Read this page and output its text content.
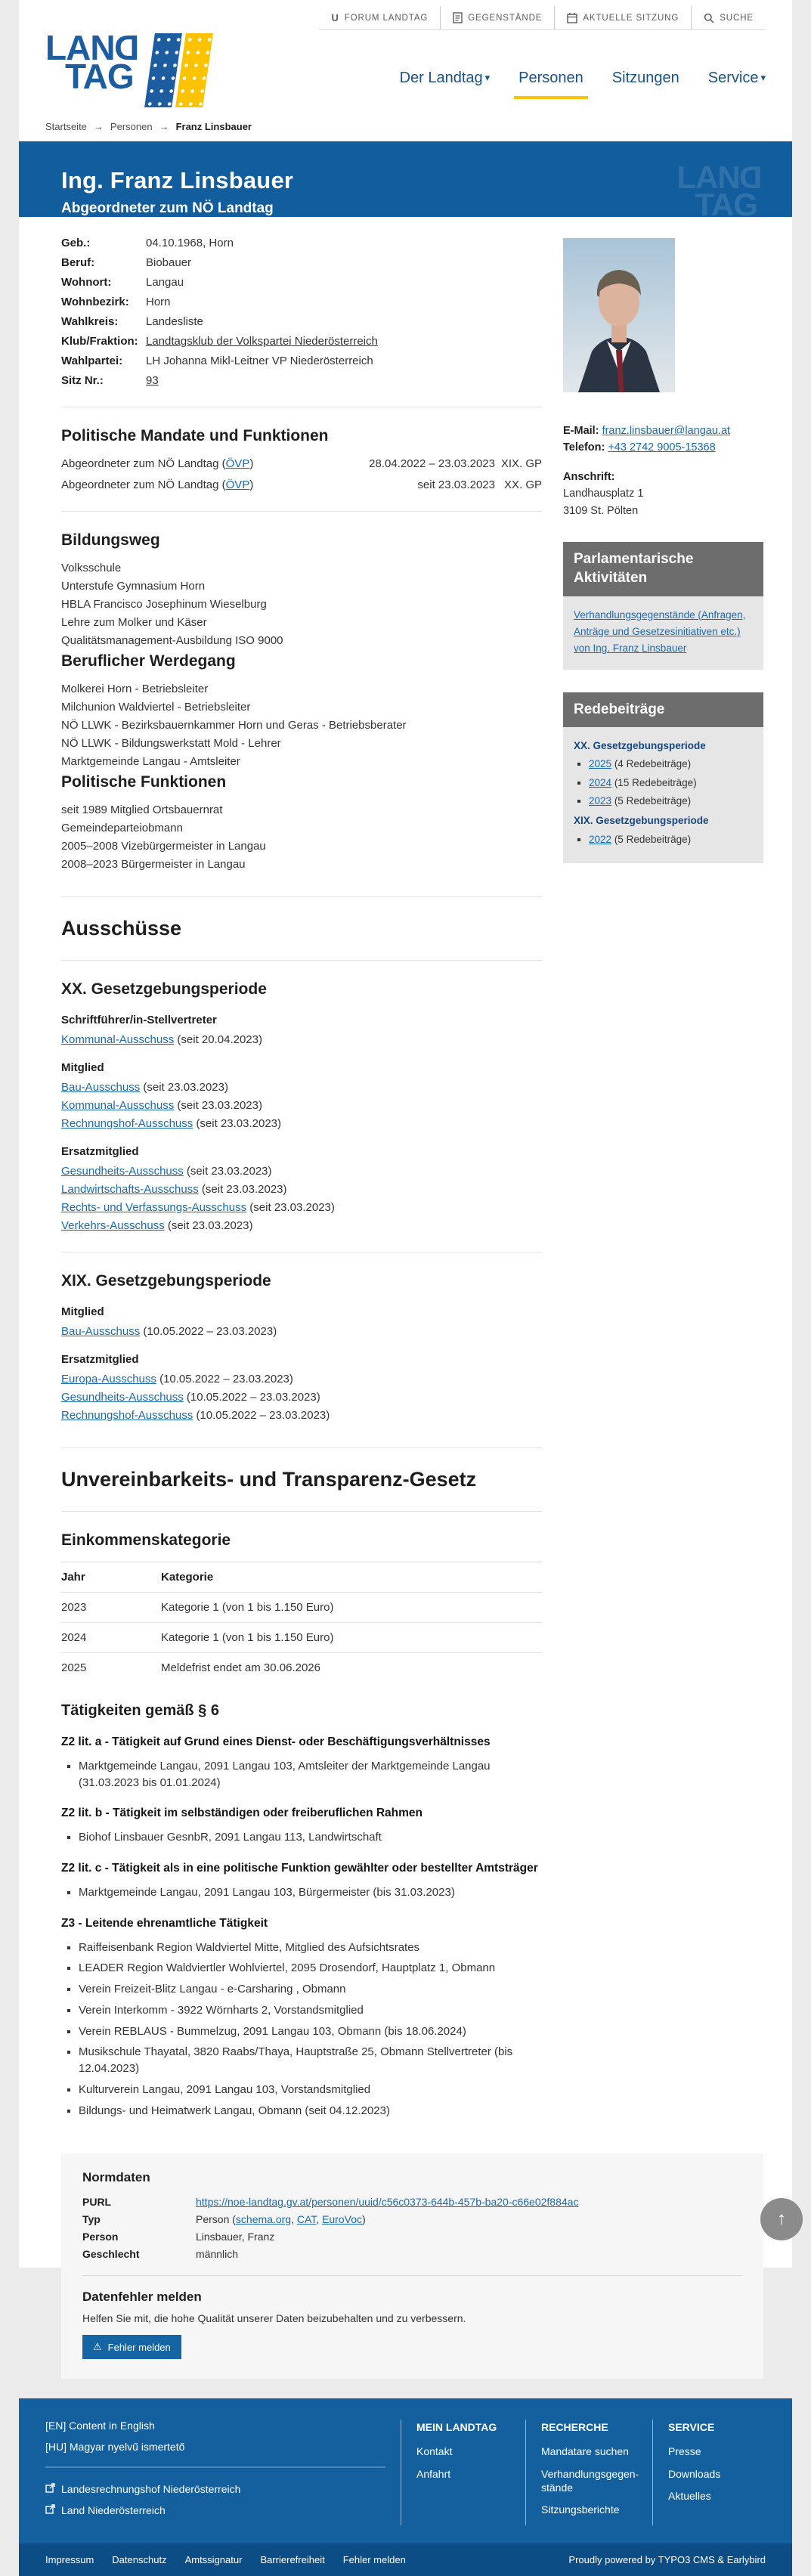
U FORUM LANDTAG	GEGENSTÄNDE	AKTUELLE SITZUNG	SUCHE
LAND
TAG	Der Landtag ▾ Personen Sitzungen Service ▾
Startseite → Personen → Franz Linsbauer
Ing. Franz Linsbauer
Abgeordneter zum NÖ Landtag
LAND
TAG
Geb.:	04.10.1968, Horn
Beruf:	Biobauer
Wohnort:	Langau
Wohnbezirk:	Horn
Wahlkreis:	Landesliste
Klub/Fraktion: Landtagsklub der Volkspartei Niederösterreich
Wahlpartei:	LH Johanna Mikl-Leitner VP Niederösterreich
Sitz Nr.:	93
Politische Mandate und Funktionen
Abgeordneter zum NÖ Landtag (ÖVP)	28.04.2022 – 23.03.2023 XIX. GP
Abgeordneter zum NÖ Landtag (ÖVP)	seit 23.03.2023 XX. GP
Bildungsweg

Volksschule

Unterstufe Gymnasium Horn

HBLA Francisco Josephinum Wieselburg

Lehre zum Molker und Käser

Qualitätsmanagement-Ausbildung ISO 9000

Beruflicher Werdegang

Molkerei Horn - Betriebsleiter

Milchunion Waldviertel - Betriebsleiter

NÖ LLWK - Bezirksbauernkammer Horn und Geras - Betriebsberater

NÖ LLWK - Bildungswerkstatt Mold - Lehrer

Marktgemeinde Langau - Amtsleiter

Politische Funktionen

seit 1989 Mitglied Ortsbauernrat

Gemeindeparteiobmann

2005–2008 Vizebürgermeister in Langau

2008–2023 Bürgermeister in Langau

Ausschüsse
XX. Gesetzgebungsperiode
Schriftführer/in-Stellvertreter

Kommunal-Ausschuss (seit 20.04.2023)

Mitglied

Bau-Ausschuss (seit 23.03.2023)

Kommunal-Ausschuss (seit 23.03.2023)

Rechnungshof-Ausschuss (seit 23.03.2023)

Ersatzmitglied

Gesundheits-Ausschuss (seit 23.03.2023)

Landwirtschafts-Ausschuss (seit 23.03.2023)

Rechts- und Verfassungs-Ausschuss (seit 23.03.2023)

Verkehrs-Ausschuss (seit 23.03.2023)

XIX. Gesetzgebungsperiode
Mitglied

Bau-Ausschuss (10.05.2022 – 23.03.2023)

Ersatzmitglied

Europa-Ausschuss (10.05.2022 – 23.03.2023)

Gesundheits-Ausschuss (10.05.2022 – 23.03.2023)

Rechnungshof-Ausschuss (10.05.2022 – 23.03.2023)

Unvereinbarkeits- und Transparenz-Gesetz
Einkommenskategorie
Jahr	Kategorie
2023	Kategorie 1 (von 1 bis 1.150 Euro)
2024	Kategorie 1 (von 1 bis 1.150 Euro)
2025	Meldefrist endet am 30.06.2026
Tätigkeiten gemäß § 6
Z2 lit. a - Tätigkeit auf Grund eines Dienst- oder Beschäftigungsverhältnisses
▪ Marktgemeinde Langau, 2091 Langau 103, Amtsleiter der Marktgemeinde Langau (31.03.2023 bis 01.01.2024)
Z2 lit. b - Tätigkeit im selbständigen oder freiberuflichen Rahmen
▪ Biohof Linsbauer GesnbR, 2091 Langau 113, Landwirtschaft
Z2 lit. c - Tätigkeit als in eine politische Funktion gewählter oder bestellter Amtsträger
▪ Marktgemeinde Langau, 2091 Langau 103, Bürgermeister (bis 31.03.2023)
Z3 - Leitende ehrenamtliche Tätigkeit
▪ Raiffeisenbank Region Waldviertel Mitte, Mitglied des Aufsichtsrates
▪ LEADER Region Waldviertler Wohlviertel, 2095 Drosendorf, Hauptplatz 1, Obmann
▪ Verein Freizeit-Blitz Langau - e-Carsharing , Obmann
▪ Verein Interkomm - 3922 Wörnharts 2, Vorstandsmitglied
▪ Verein REBLAUS - Bummelzug, 2091 Langau 103, Obmann (bis 18.06.2024)
▪ Musikschule Thayatal, 3820 Raabs/Thaya, Hauptstraße 25, Obmann Stellvertreter (bis 12.04.2023)
▪ Kulturverein Langau, 2091 Langau 103, Vorstandsmitglied
▪ Bildungs- und Heimatwerk Langau, Obmann (seit 04.12.2023)
E-Mail: franz.linsbauer@langau.at
Telefon: +43 2742 9005-15368
Anschrift:
Landhausplatz 1
3109 St. Pölten
Parlamentarische Aktivitäten
Verhandlungsgegenstände (Anfragen, Anträge und Gesetzesinitiativen etc.) von Ing. Franz Linsbauer
Redebeiträge
XX. Gesetzgebungsperiode
▪ 2025 (4 Redebeiträge)
▪ 2024 (15 Redebeiträge)
▪ 2023 (5 Redebeiträge)
XIX. Gesetzgebungsperiode
▪ 2022 (5 Redebeiträge)
Normdaten
PURL	https://noe-landtag.gv.at/personen/uuid/c56c0373-644b-457b-ba20-c66e02f884ac
Typ	Person (schema.org, CAT, EuroVoc)
Person	Linsbauer, Franz
Geschlecht	männlich
Datenfehler melden
Helfen Sie mit, die hohe Qualität unserer Daten beizubehalten und zu verbessern.
⚠ Fehler melden
[EN] Content in English
[HU] Magyar nyelvű ismertető
Landesrechnungshof Niederösterreich
Land Niederösterreich
MEIN LANDTAG
Kontakt
Anfahrt
RECHERCHE
Mandatare suchen
Verhandlungsgegen-stände
Sitzungsberichte
SERVICE
Presse
Downloads
Aktuelles
Impressum Datenschutz Amtssignatur Barrierefreiheit Fehler melden	Proudly powered by TYPO3 CMS & Earlybird
↑
